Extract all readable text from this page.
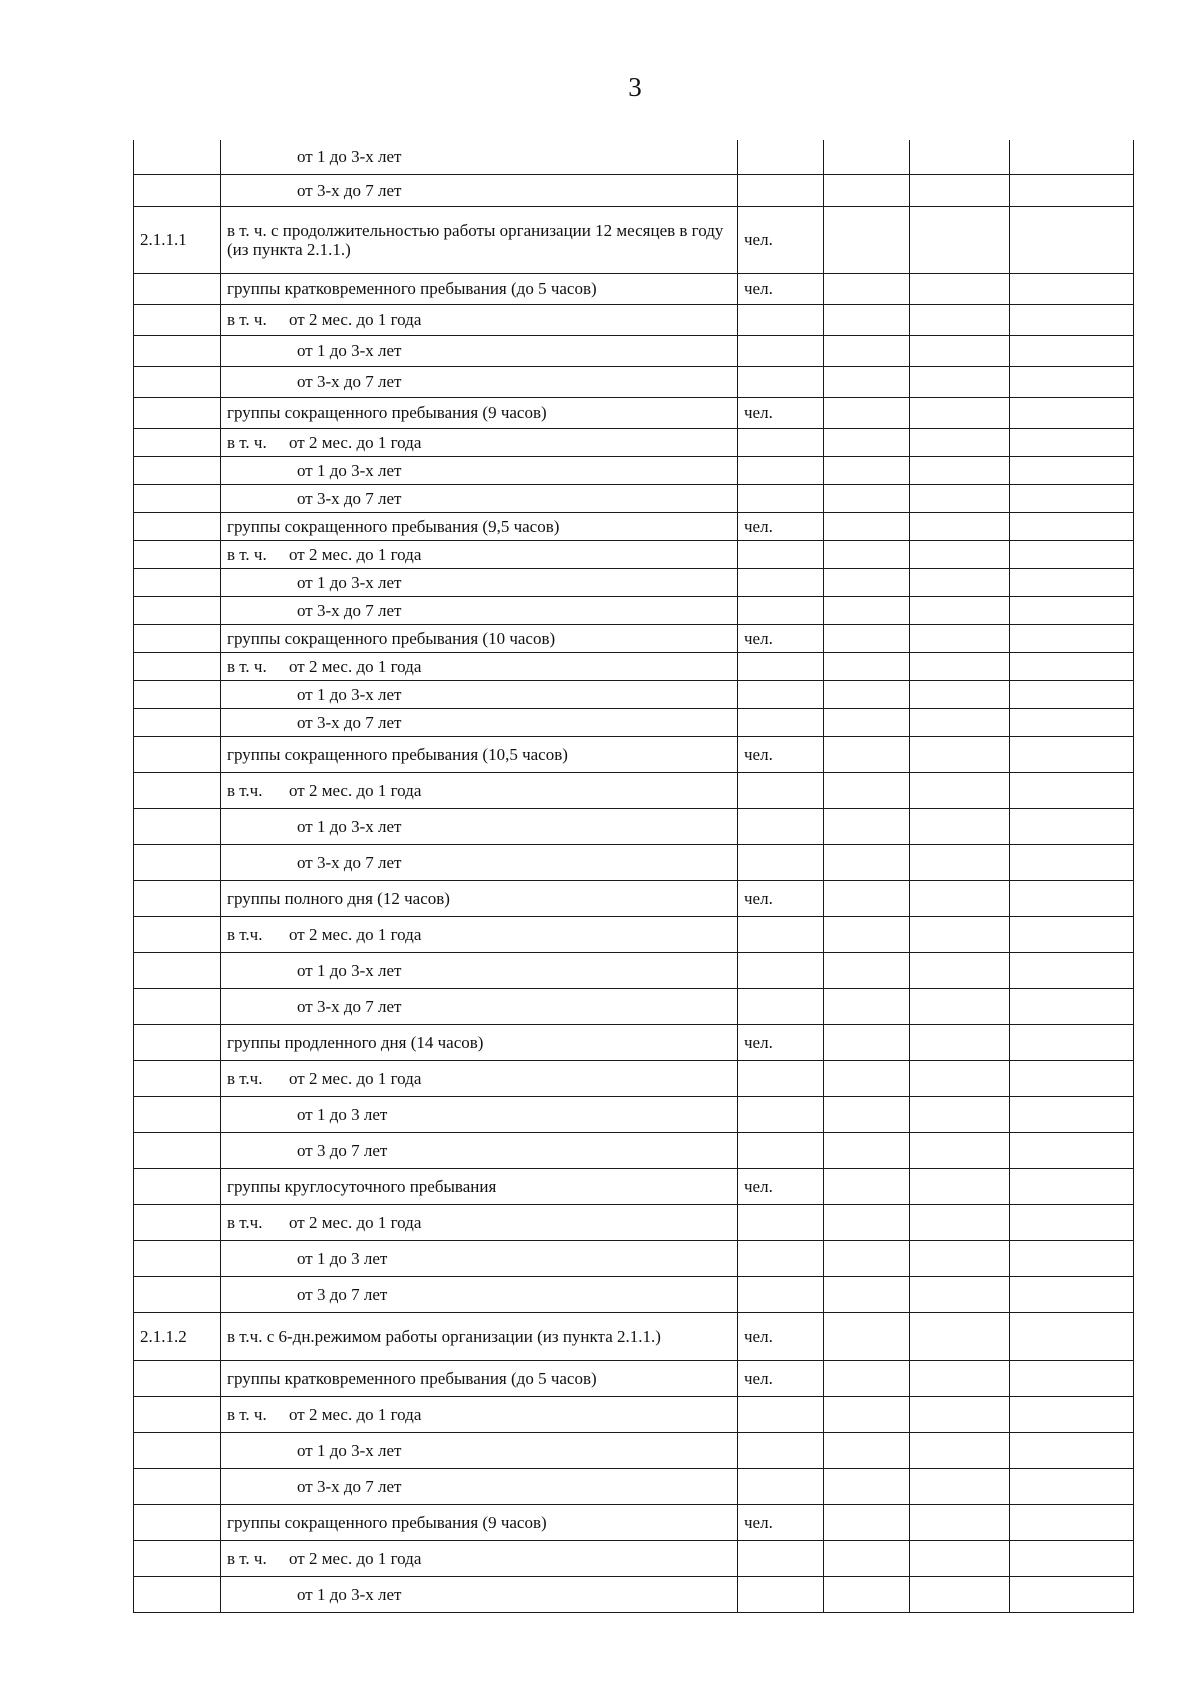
3
	от 1 до 3-х лет				
	от 3-х до 7 лет				
2.1.1.1	в т. ч. с продолжительностью работы организации 12 месяцев в году (из пункта 2.1.1.)	чел.			
	группы кратковременного пребывания (до 5 часов)	чел.			
	в т. ч. от 2 мес. до 1 года				
	от 1 до 3-х лет				
	от 3-х до 7 лет				
	группы сокращенного пребывания (9 часов)	чел.			
	в т. ч. от 2 мес. до 1 года				
	от 1 до 3-х лет				
	от 3-х до 7 лет				
	группы сокращенного пребывания (9,5 часов)	чел.			
	в т. ч. от 2 мес. до 1 года				
	от 1 до 3-х лет				
	от 3-х до 7 лет				
	группы сокращенного пребывания (10 часов)	чел.			
	в т. ч. от 2 мес. до 1 года				
	от 1 до 3-х лет				
	от 3-х до 7 лет				
	группы сокращенного пребывания (10,5 часов)	чел.			
	в т.ч. от 2 мес. до 1 года				
	от 1 до 3-х лет				
	от 3-х до 7 лет				
	группы полного дня (12 часов)	чел.			
	в т.ч. от 2 мес. до 1 года				
	от 1 до 3-х лет				
	от 3-х до 7 лет				
	группы продленного дня (14 часов)	чел.			
	в т.ч. от 2 мес. до 1 года				
	от 1 до 3 лет				
	от 3 до 7 лет				
	группы круглосуточного пребывания	чел.			
	в т.ч. от 2 мес. до 1 года				
	от 1 до 3 лет				
	от 3 до 7 лет				
2.1.1.2	в т.ч. с 6-дн.режимом работы организации (из пункта 2.1.1.)	чел.			
	группы кратковременного пребывания (до 5 часов)	чел.			
	в т. ч. от 2 мес. до 1 года				
	от 1 до 3-х лет				
	от 3-х до 7 лет				
	группы сокращенного пребывания (9 часов)	чел.			
	в т. ч. от 2 мес. до 1 года				
	от 1 до 3-х лет				
